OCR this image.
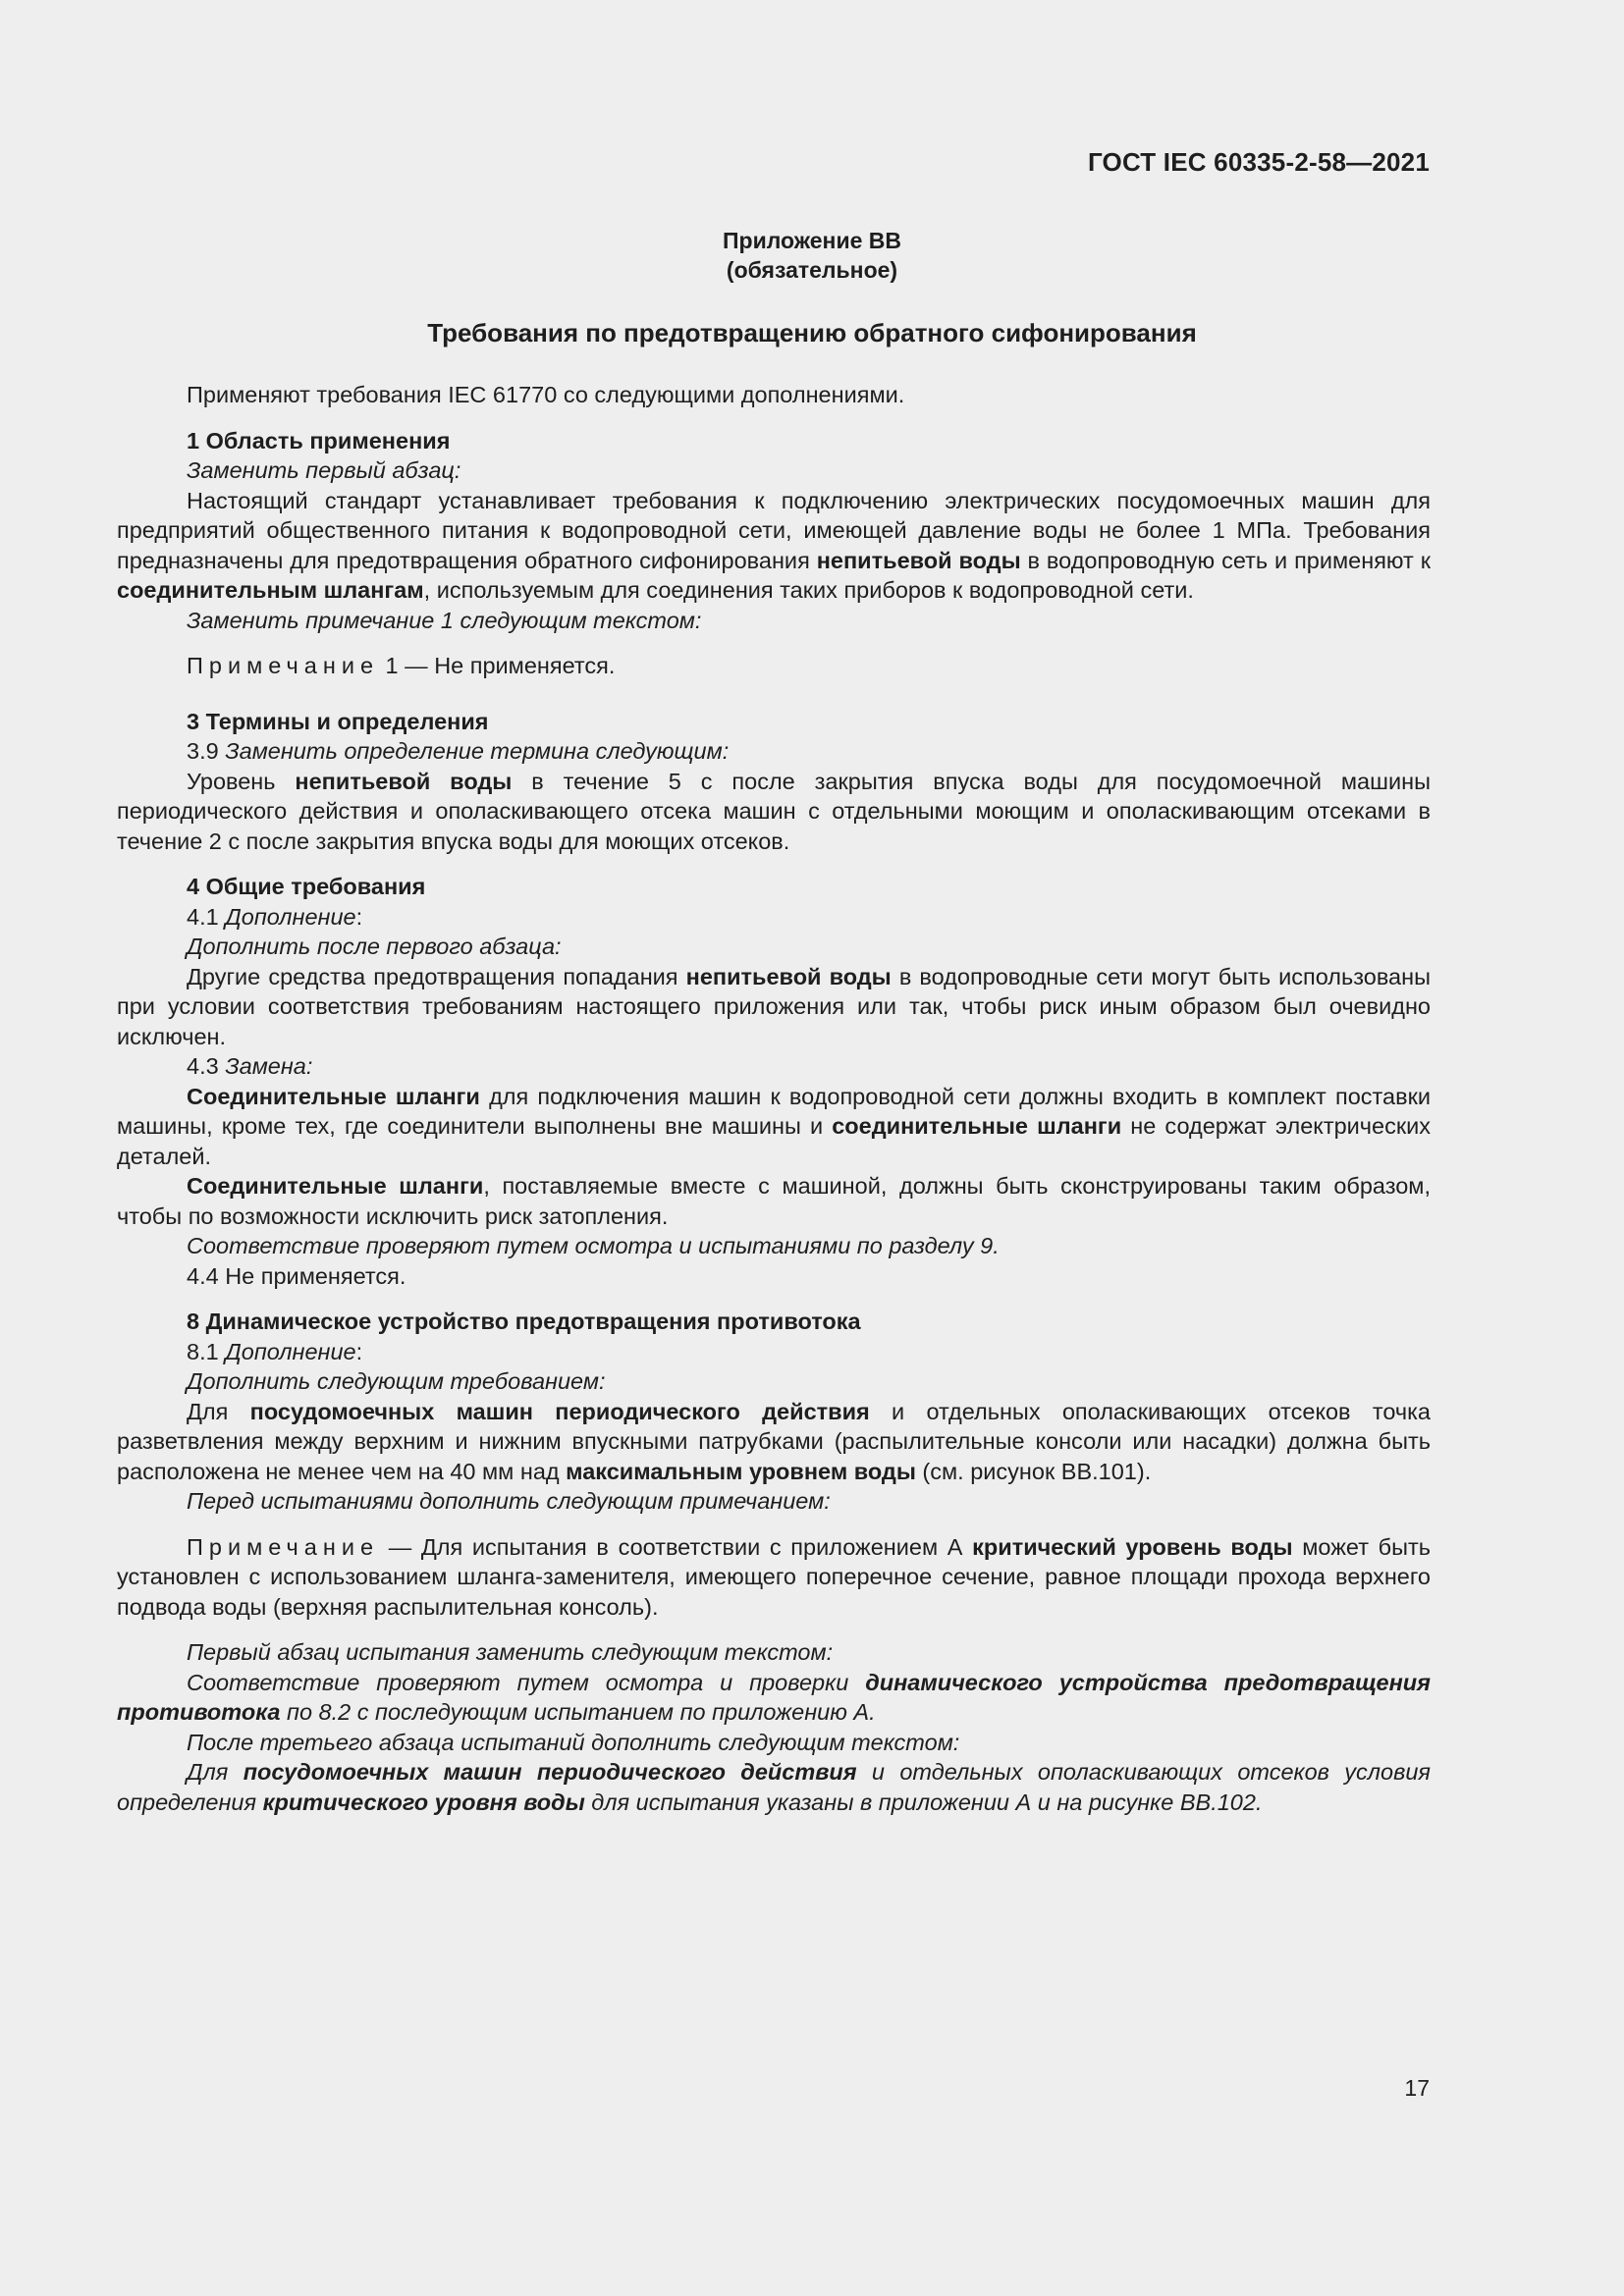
ГОСТ IEC 60335-2-58—2021
Приложение ВВ
(обязательное)
Требования по предотвращению обратного сифонирования

Применяют требования IEC 61770 со следующими дополнениями.

1 Область применения

Заменить первый абзац:

Настоящий стандарт устанавливает требования к подключению электрических посудомоечных машин для предприятий общественного питания к водопроводной сети, имеющей давление воды не более 1 МПа. Требования предназначены для предотвращения обратного сифонирования непитьевой воды в водопроводную сеть и применяют к соединительным шлангам, используемым для соединения таких приборов к водопроводной сети.

Заменить примечание 1 следующим текстом:

Примечание 1 — Не применяется.

3 Термины и определения

3.9 Заменить определение термина следующим:

Уровень непитьевой воды в течение 5 с после закрытия впуска воды для посудомоечной машины периодического действия и ополаскивающего отсека машин с отдельными моющим и ополаскивающим отсеками в течение 2 с после закрытия впуска воды для моющих отсеков.

4 Общие требования

4.1 Дополнение:

Дополнить после первого абзаца:

Другие средства предотвращения попадания непитьевой воды в водопроводные сети могут быть использованы при условии соответствия требованиям настоящего приложения или так, чтобы риск иным образом был очевидно исключен.

4.3 Замена:

Соединительные шланги для подключения машин к водопроводной сети должны входить в комплект поставки машины, кроме тех, где соединители выполнены вне машины и соединительные шланги не содержат электрических деталей.

Соединительные шланги, поставляемые вместе с машиной, должны быть сконструированы таким образом, чтобы по возможности исключить риск затопления.

Соответствие проверяют путем осмотра и испытаниями по разделу 9.

4.4 Не применяется.

8 Динамическое устройство предотвращения противотока

8.1 Дополнение:

Дополнить следующим требованием:

Для посудомоечных машин периодического действия и отдельных ополаскивающих отсеков точка разветвления между верхним и нижним впускными патрубками (распылительные консоли или насадки) должна быть расположена не менее чем на 40 мм над максимальным уровнем воды (см. рисунок ВВ.101).

Перед испытаниями дополнить следующим примечанием:

Примечание — Для испытания в соответствии с приложением А критический уровень воды может быть установлен с использованием шланга-заменителя, имеющего поперечное сечение, равное площади прохода верхнего подвода воды (верхняя распылительная консоль).

Первый абзац испытания заменить следующим текстом:

Соответствие проверяют путем осмотра и проверки динамического устройства предотвращения противотока по 8.2 с последующим испытанием по приложению А.

После третьего абзаца испытаний дополнить следующим текстом:

Для посудомоечных машин периодического действия и отдельных ополаскивающих отсеков условия определения критического уровня воды для испытания указаны в приложении А и на рисунке ВВ.102.

17
